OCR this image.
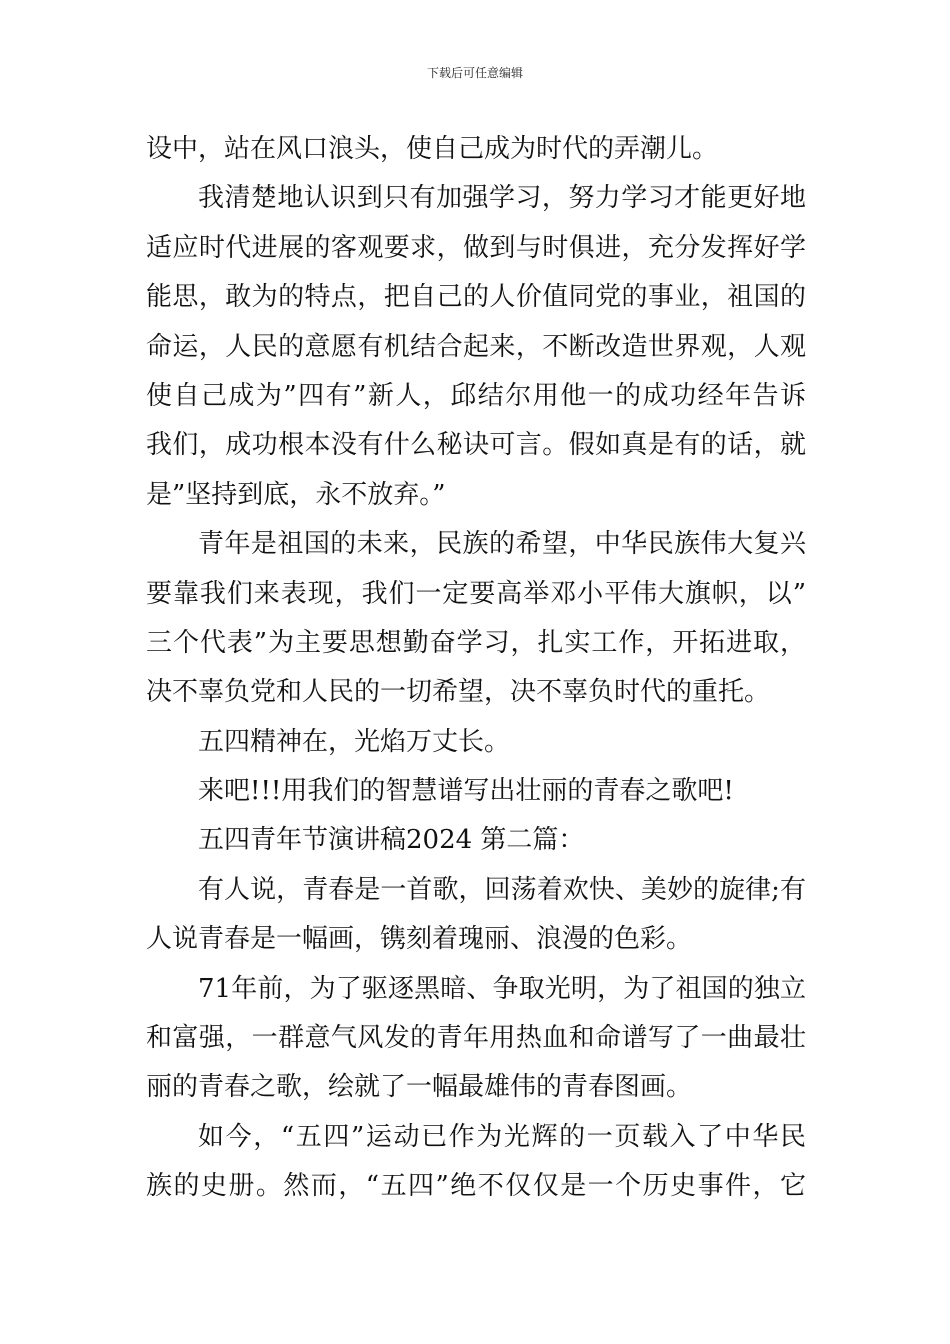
下载后可任意编辑
设中，站在风口浪头，使自己成为时代的弄潮儿。
我清楚地认识到只有加强学习，努力学习才能更好地
适应时代进展的客观要求，做到与时俱进，充分发挥好学
能思，敢为的特点，把自己的人价值同党的事业，祖国的
命运，人民的意愿有机结合起来，不断改造世界观，人观
使自己成为”四有”新人，邱结尔用他一的成功经年告诉
我们，成功根本没有什么秘诀可言。假如真是有的话，就
是”坚持到底，永不放弃。”
青年是祖国的未来，民族的希望，中华民族伟大复兴
要靠我们来表现，我们一定要高举邓小平伟大旗帜，以”
三个代表”为主要思想勤奋学习，扎实工作，开拓进取，
决不辜负党和人民的一切希望，决不辜负时代的重托。
五四精神在，光焰万丈长。
来吧!!!用我们的智慧谱写出壮丽的青春之歌吧!
五四青年节演讲稿2024 第二篇：
有人说，青春是一首歌，回荡着欢快、美妙的旋律;有
人说青春是一幅画，镌刻着瑰丽、浪漫的色彩。
71年前，为了驱逐黑暗、争取光明，为了祖国的独立
和富强，一群意气风发的青年用热血和命谱写了一曲最壮
丽的青春之歌，绘就了一幅最雄伟的青春图画。
如今，“五四”运动已作为光辉的一页载入了中华民
族的史册。然而，“五四”绝不仅仅是一个历史事件，它
